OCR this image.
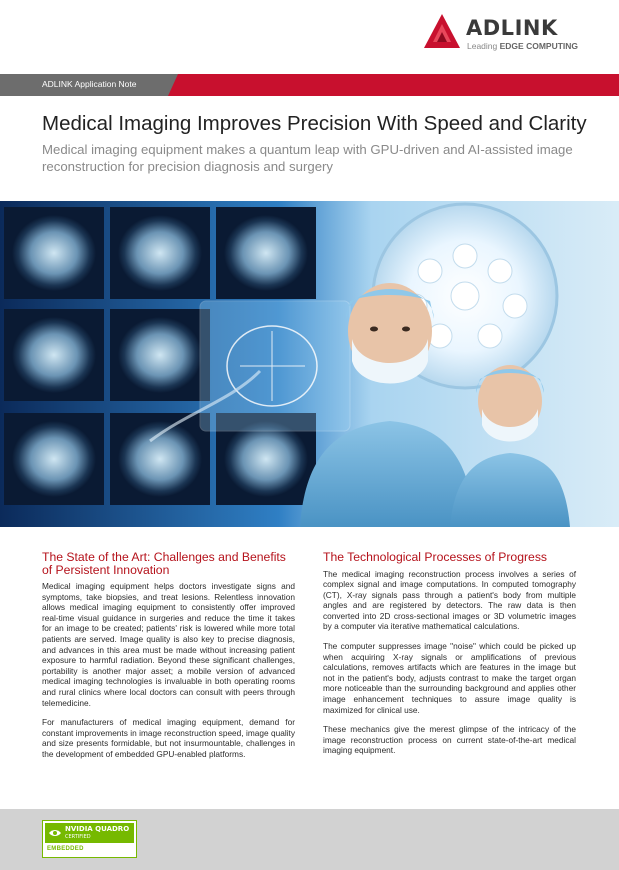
ADLINK
Leading EDGE COMPUTING
ADLINK Application Note
Medical Imaging Improves Precision With Speed and Clarity

Medical imaging equipment makes a quantum leap with GPU-driven and AI-assisted image reconstruction for precision diagnosis and surgery

The State of the Art: Challenges and Benefits of Persistent Innovation

Medical imaging equipment helps doctors investigate signs and symptoms, take biopsies, and treat lesions. Relentless innovation allows medical imaging equipment to consistently offer improved real-time visual guidance in surgeries and reduce the time it takes for an image to be created; patients' risk is lowered while more total patients are served. Image quality is also key to precise diagnosis, and advances in this area must be made without increasing patient exposure to harmful radiation. Beyond these significant challenges, portability is another major asset; a mobile version of advanced medical imaging technologies is invaluable in both operating rooms and rural clinics where local doctors can consult with peers through telemedicine.

For manufacturers of medical imaging equipment, demand for constant improvements in image reconstruction speed, image quality and size presents formidable, but not insurmountable, challenges in the development of embedded GPU-enabled platforms.

The Technological Processes of Progress

The medical imaging reconstruction process involves a series of complex signal and image computations. In computed tomography (CT), X-ray signals pass through a patient's body from multiple angles and are registered by detectors. The raw data is then converted into 2D cross-sectional images or 3D volumetric images by a computer via iterative mathematical calculations.

The computer suppresses image "noise" which could be picked up when acquiring X-ray signals or amplifications of previous calculations, removes artifacts which are features in the image but not in the patient's body, adjusts contrast to make the target organ more noticeable than the surrounding background and applies other image enhancement techniques to assure image quality is maximized for clinical use.

These mechanics give the merest glimpse of the intricacy of the image reconstruction process on current state-of-the-art medical imaging equipment.

NVIDIA QUADRO
CERTIFIED
EMBEDDED
